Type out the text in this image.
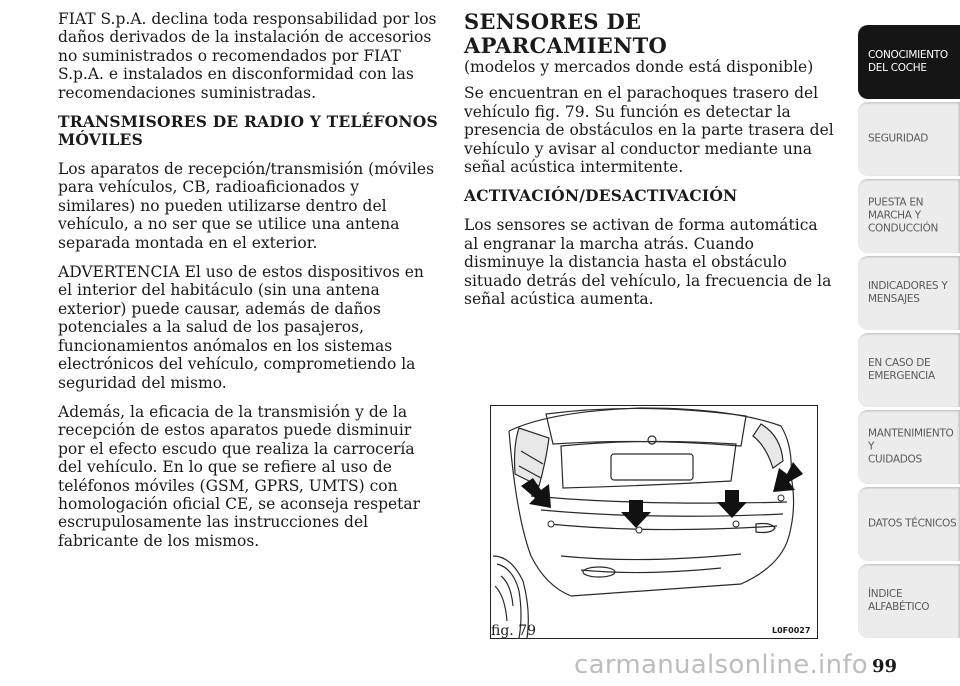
FIAT S.p.A. declina toda responsabilidad por los daños derivados de la instalación de accesorios no suministrados o recomendados por FIAT S.p.A. e instalados en disconformidad con las recomendaciones suministradas.

TRANSMISORES DE RADIO Y TELÉFONOS MÓVILES

Los aparatos de recepción/transmisión (móviles para vehículos, CB, radioaficionados y similares) no pueden utilizarse dentro del vehículo, a no ser que se utilice una antena separada montada en el exterior.

ADVERTENCIA El uso de estos dispositivos en el interior del habitáculo (sin una antena exterior) puede causar, además de daños potenciales a la salud de los pasajeros, funcionamientos anómalos en los sistemas electrónicos del vehículo, comprometiendo la seguridad del mismo.

Además, la eficacia de la transmisión y de la recepción de estos aparatos puede disminuir por el efecto escudo que realiza la carrocería del vehículo. En lo que se refiere al uso de teléfonos móviles (GSM, GPRS, UMTS) con homologación oficial CE, se aconseja respetar escrupulosamente las instrucciones del fabricante de los mismos.

SENSORES DE APARCAMIENTO
(modelos y mercados donde está disponible)

Se encuentran en el parachoques trasero del vehículo fig. 79. Su función es detectar la presencia de obstáculos en la parte trasera del vehículo y avisar al conductor mediante una señal acústica intermitente.

ACTIVACIÓN/DESACTIVACIÓN

Los sensores se activan de forma automática al engranar la marcha atrás. Cuando disminuye la distancia hasta el obstáculo situado detrás del vehículo, la frecuencia de la señal acústica aumenta.

fig. 79	L0F0027
CONOCIMIENTO
DEL COCHE
SEGURIDAD
PUESTA EN
MARCHA Y
CONDUCCIÓN
INDICADORES Y
MENSAJES
EN CASO DE
EMERGENCIA
MANTENIMIENTO Y
CUIDADOS
DATOS TÉCNICOS
ÍNDICE
ALFABÉTICO
99
carmanualsonline.info
